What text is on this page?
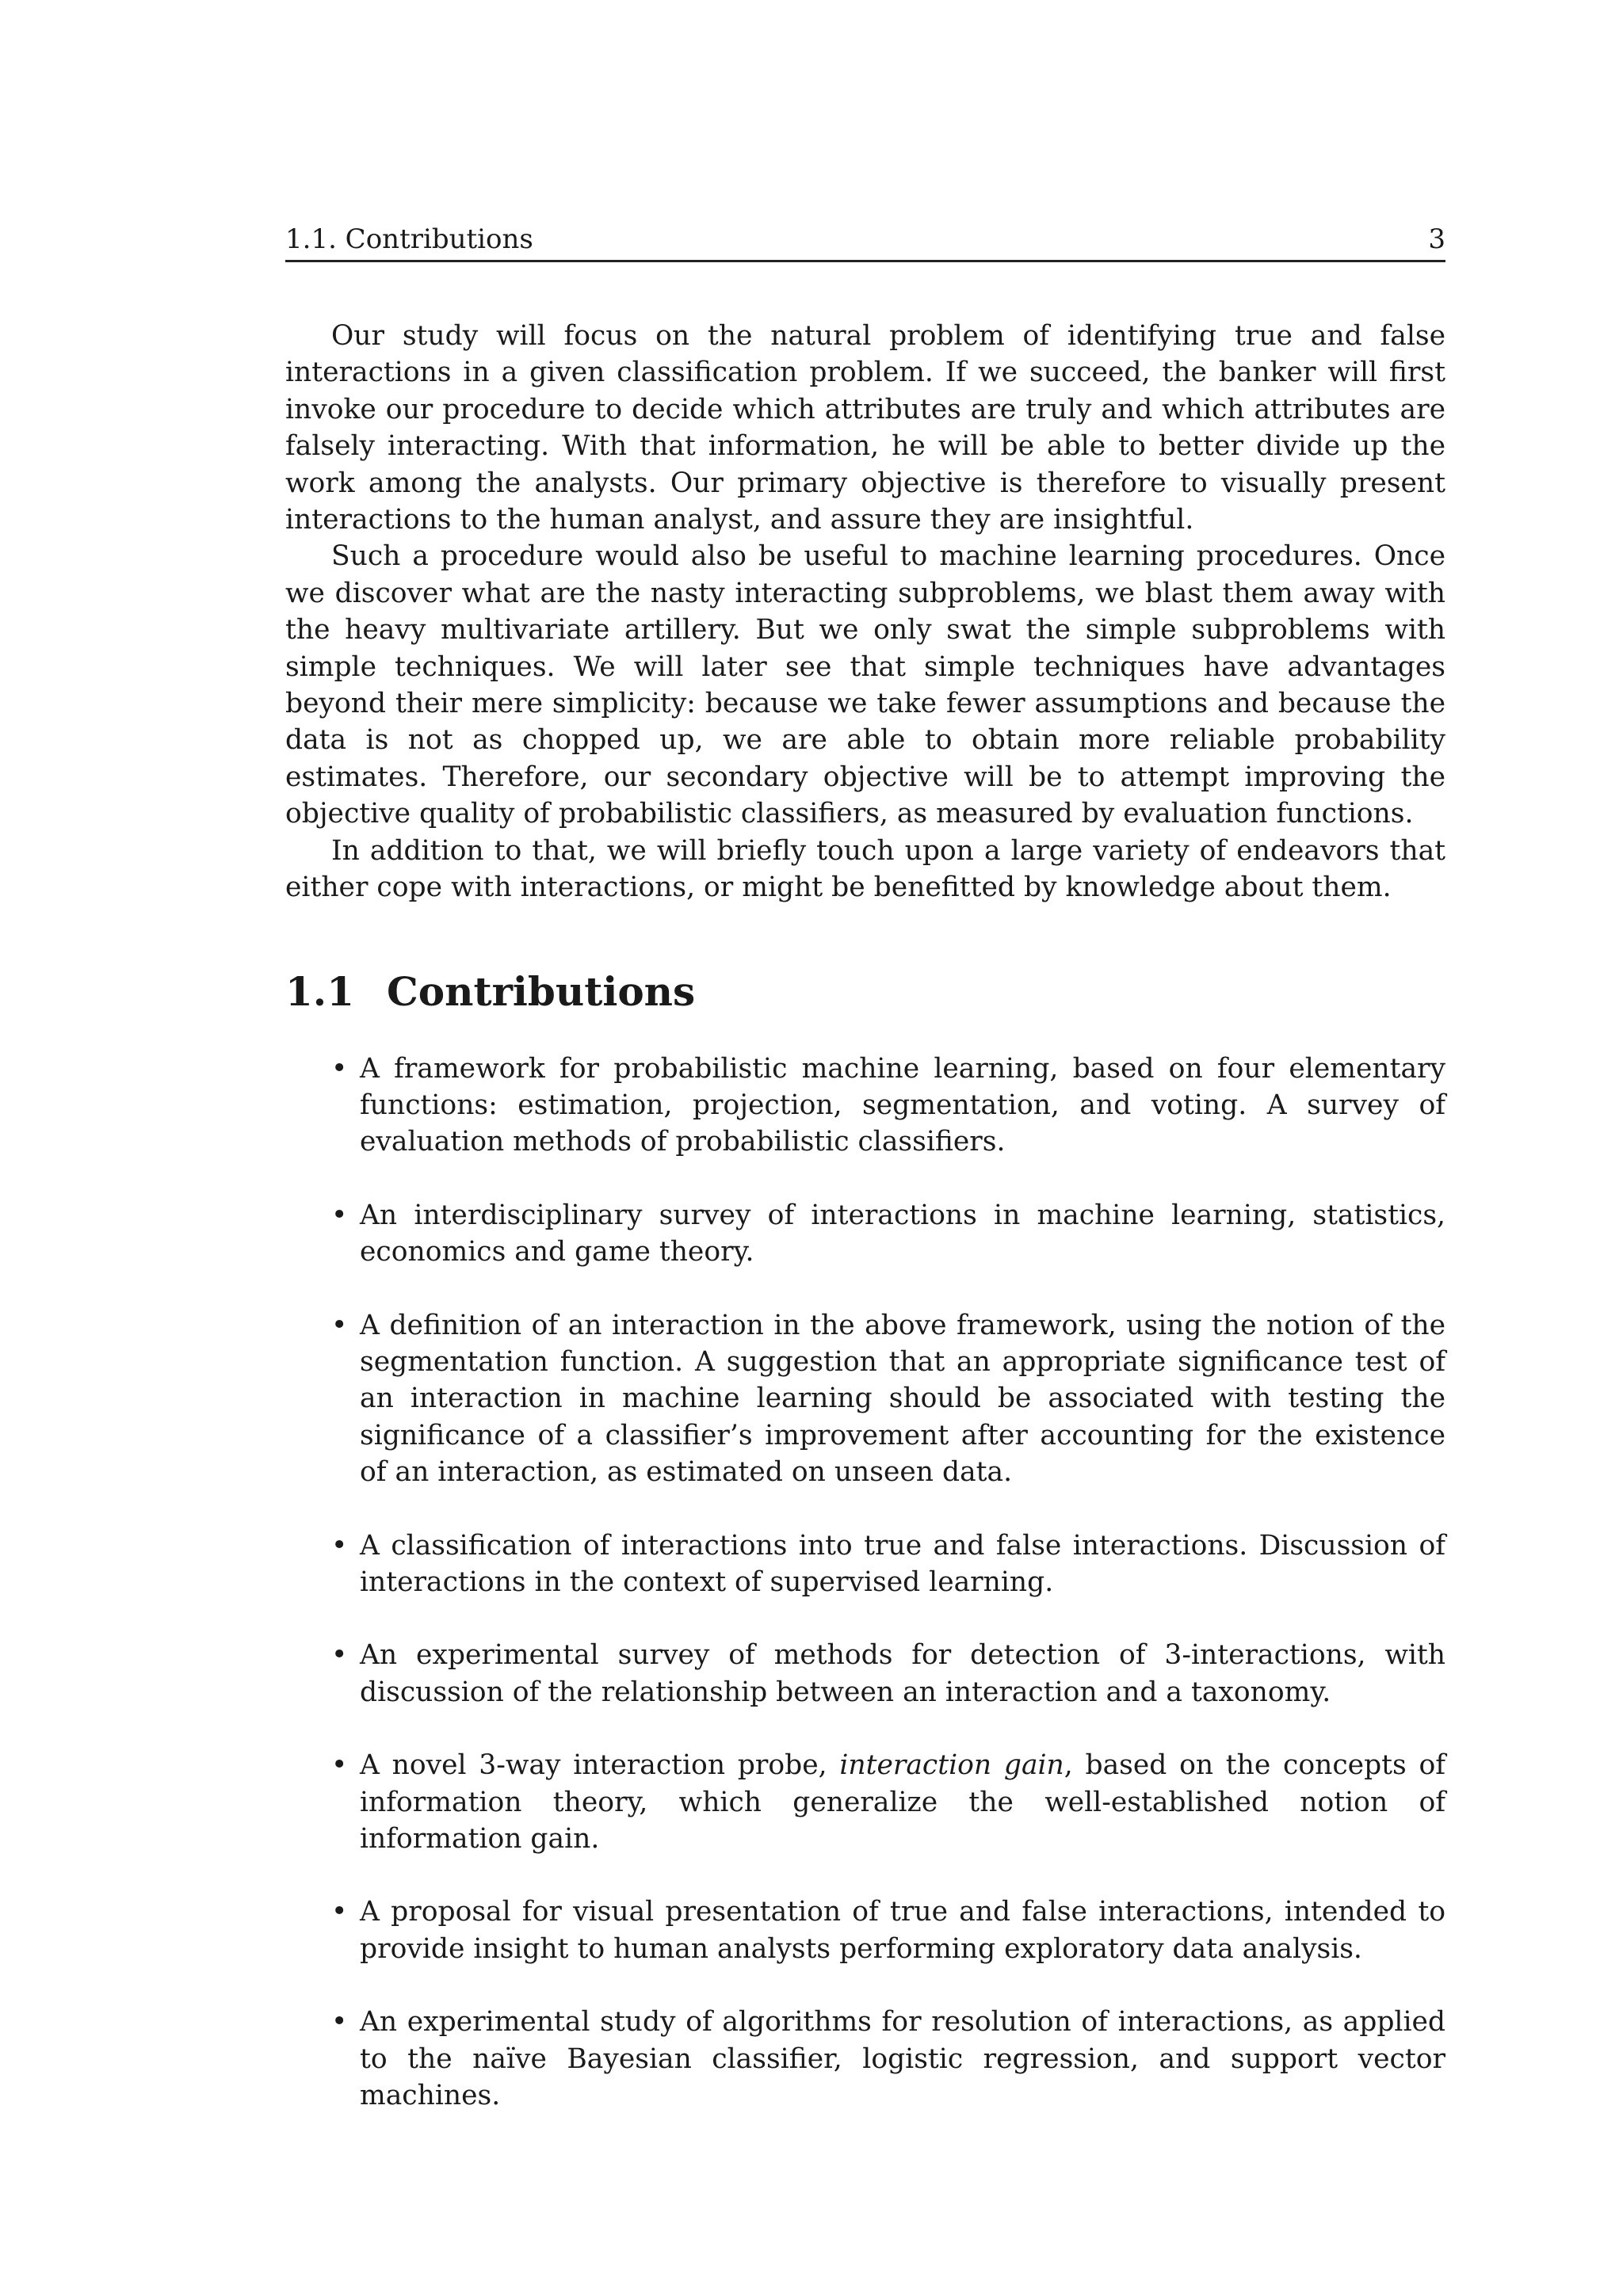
1.1. Contributions	3

Our study will focus on the natural problem of identifying true and false interactions in a given classification problem. If we succeed, the banker will first invoke our procedure to decide which attributes are truly and which attributes are falsely interacting. With that information, he will be able to better divide up the work among the analysts. Our primary objective is therefore to visually present interactions to the human analyst, and assure they are insightful.

Such a procedure would also be useful to machine learning procedures. Once we discover what are the nasty interacting subproblems, we blast them away with the heavy multivariate artillery. But we only swat the simple subproblems with simple techniques. We will later see that simple techniques have advantages beyond their mere simplicity: because we take fewer assumptions and because the data is not as chopped up, we are able to obtain more reliable probability estimates. Therefore, our secondary objective will be to attempt improving the objective quality of probabilistic classifiers, as measured by evaluation functions.

In addition to that, we will briefly touch upon a large variety of endeavors that either cope with interactions, or might be benefitted by knowledge about them.

1.1 Contributions
• A framework for probabilistic machine learning, based on four elementary functions: estimation, projection, segmentation, and voting. A survey of evaluation methods of probabilistic classifiers.
• An interdisciplinary survey of interactions in machine learning, statistics, economics and game theory.
• A definition of an interaction in the above framework, using the notion of the segmentation function. A suggestion that an appropriate significance test of an interaction in machine learning should be associated with testing the significance of a classifier’s improvement after accounting for the existence of an interaction, as estimated on unseen data.
• A classification of interactions into true and false interactions. Discussion of interactions in the context of supervised learning.
• An experimental survey of methods for detection of 3-interactions, with discussion of the relationship between an interaction and a taxonomy.
• A novel 3-way interaction probe, interaction gain, based on the concepts of information theory, which generalize the well-established notion of information gain.
• A proposal for visual presentation of true and false interactions, intended to provide insight to human analysts performing exploratory data analysis.
• An experimental study of algorithms for resolution of interactions, as applied to the naïve Bayesian classifier, logistic regression, and support vector machines.
